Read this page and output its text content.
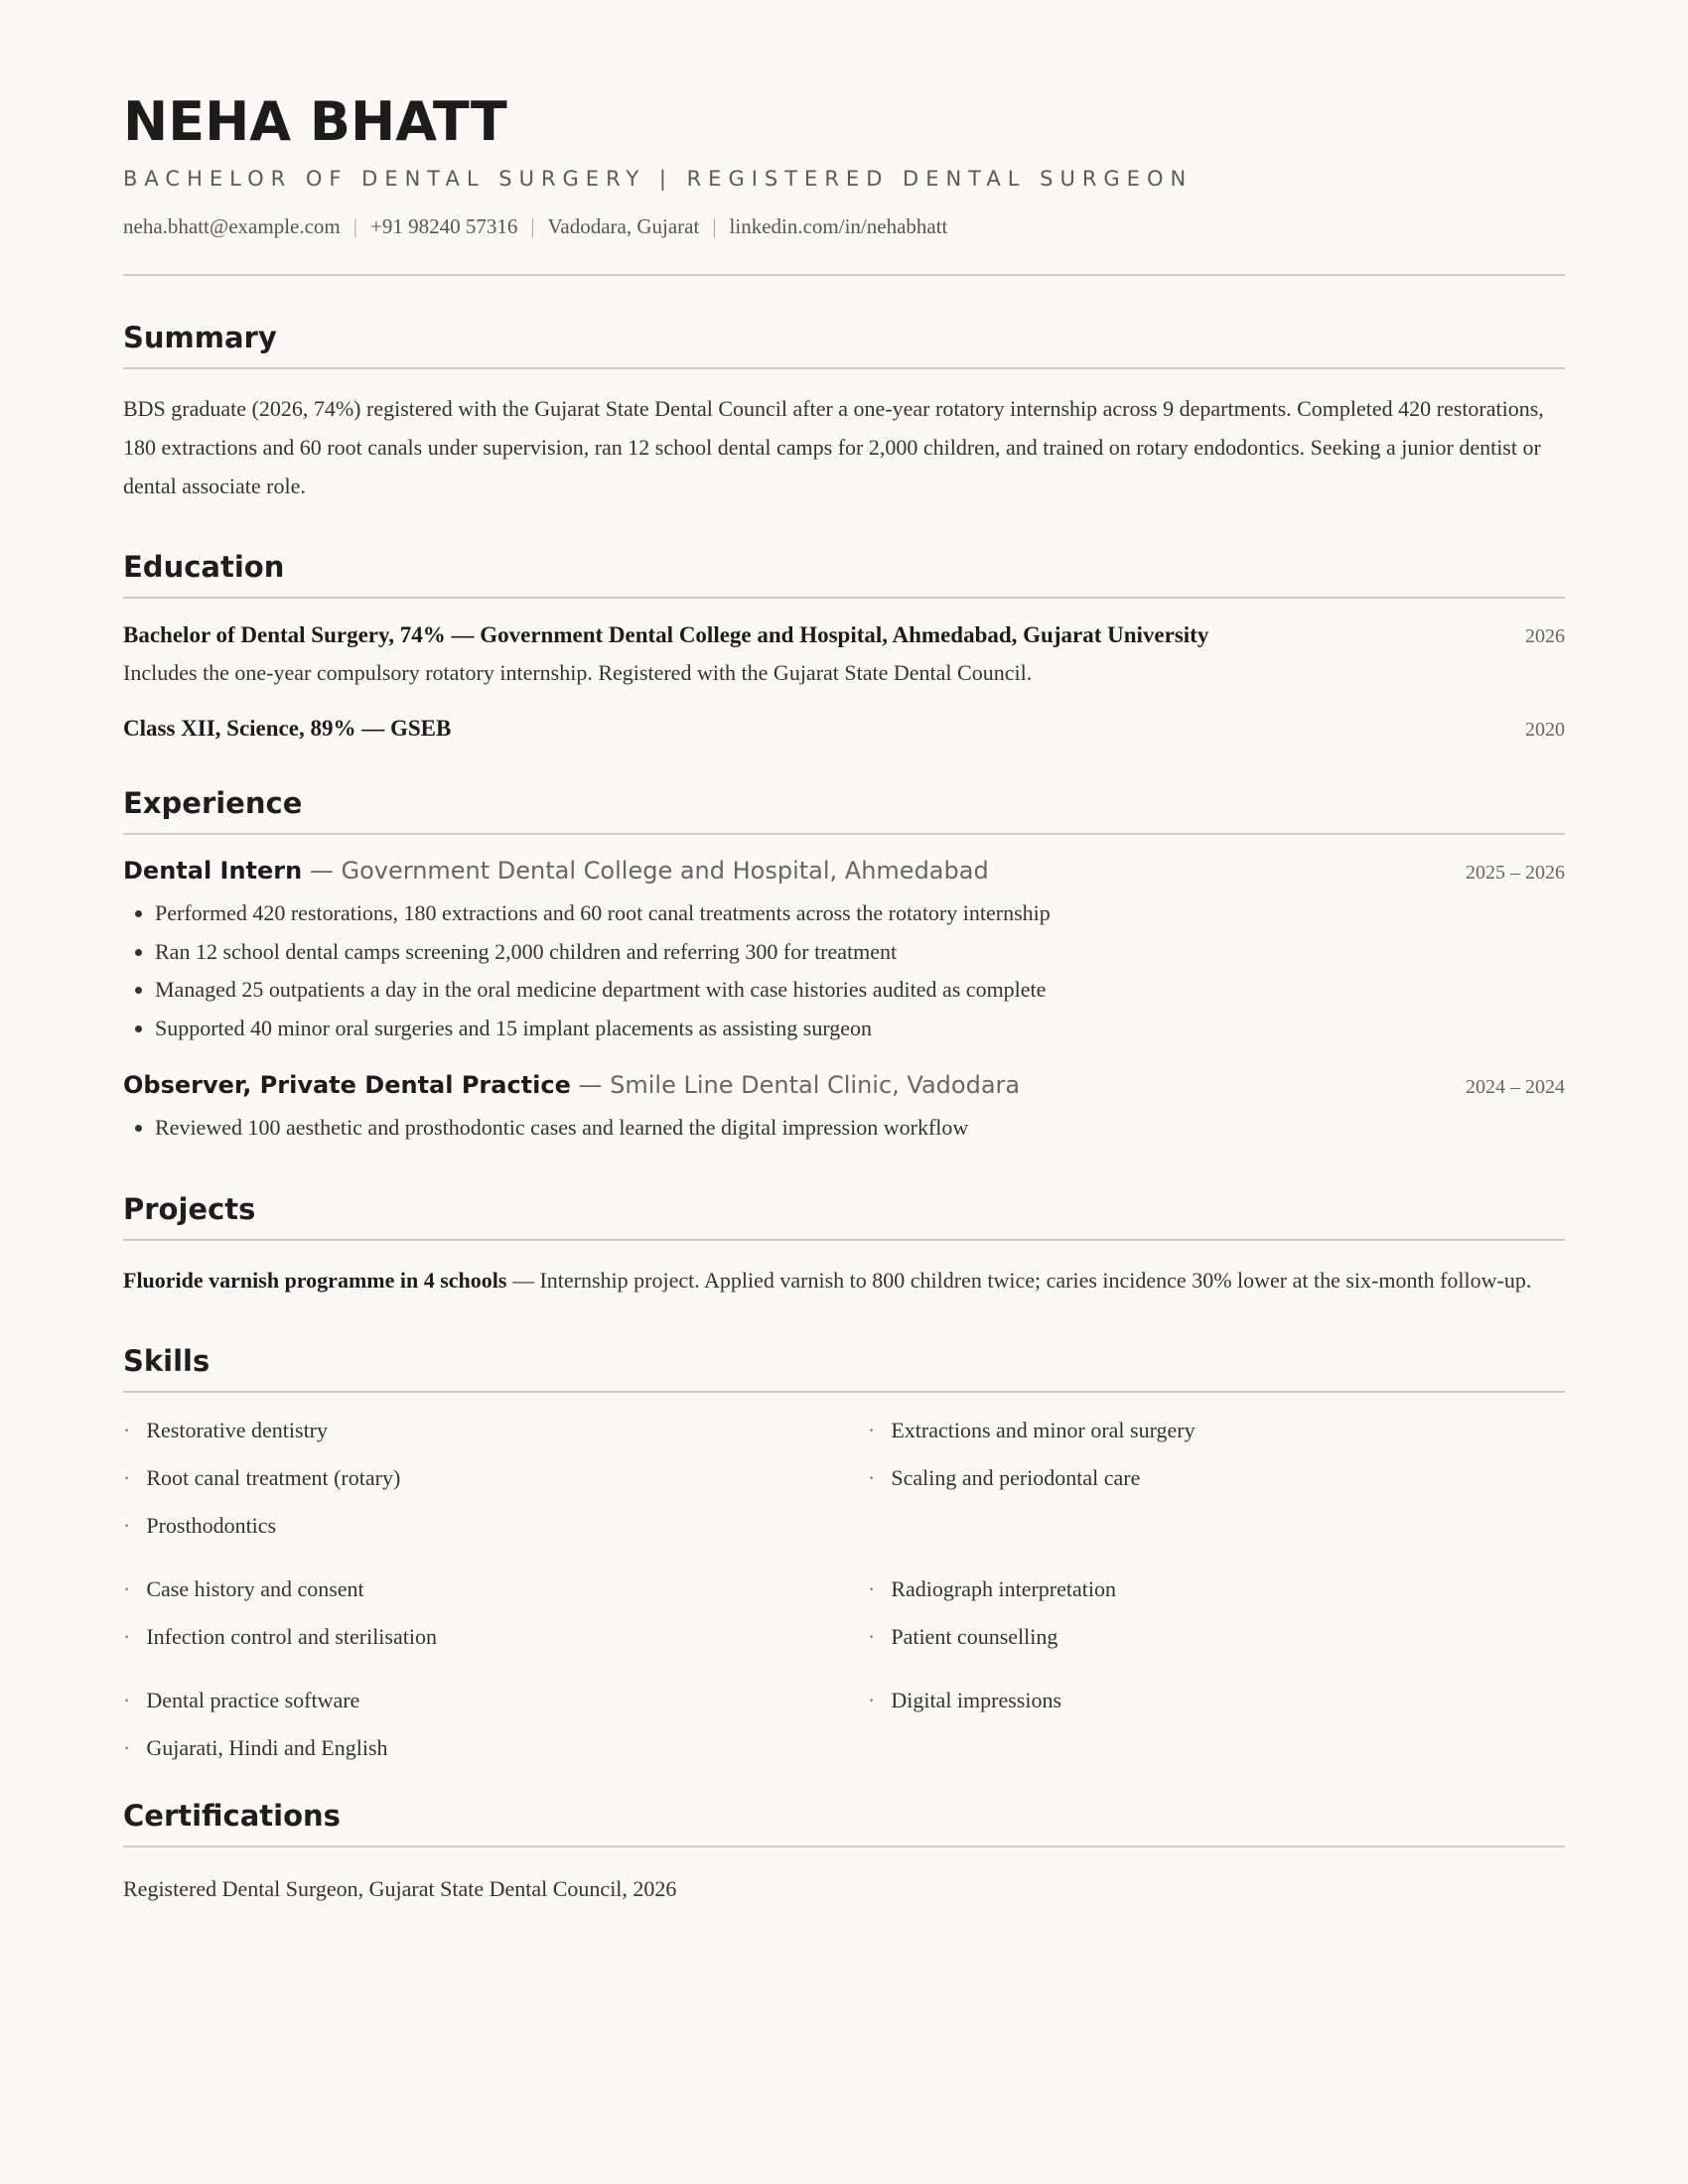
NEHA BHATT
BACHELOR OF DENTAL SURGERY | REGISTERED DENTAL SURGEON
neha.bhatt@example.com | +91 98240 57316 | Vadodara, Gujarat | linkedin.com/in/nehabhatt
Summary

BDS graduate (2026, 74%) registered with the Gujarat State Dental Council after a one-year rotatory internship across 9 departments. Completed 420 restorations, 180 extractions and 60 root canals under supervision, ran 12 school dental camps for 2,000 children, and trained on rotary endodontics. Seeking a junior dentist or dental associate role.

Education
Bachelor of Dental Surgery, 74% — Government Dental College and Hospital, Ahmedabad, Gujarat University	2026
Includes the one-year compulsory rotatory internship. Registered with the Gujarat State Dental Council.
Class XII, Science, 89% — GSEB	2020
Experience
Dental Intern — Government Dental College and Hospital, Ahmedabad	2025 – 2026
• Performed 420 restorations, 180 extractions and 60 root canal treatments across the rotatory internship
• Ran 12 school dental camps screening 2,000 children and referring 300 for treatment
• Managed 25 outpatients a day in the oral medicine department with case histories audited as complete
• Supported 40 minor oral surgeries and 15 implant placements as assisting surgeon
Observer, Private Dental Practice — Smile Line Dental Clinic, Vadodara	2024 – 2024
• Reviewed 100 aesthetic and prosthodontic cases and learned the digital impression workflow
Projects

Fluoride varnish programme in 4 schools — Internship project. Applied varnish to 800 children twice; caries incidence 30% lower at the six-month follow-up.

Skills
· Restorative dentistry	· Extractions and minor oral surgery
· Root canal treatment (rotary)	· Scaling and periodontal care
· Prosthodontics
· Case history and consent	· Radiograph interpretation
· Infection control and sterilisation	· Patient counselling
· Dental practice software	· Digital impressions
· Gujarati, Hindi and English
Certifications

Registered Dental Surgeon, Gujarat State Dental Council, 2026
